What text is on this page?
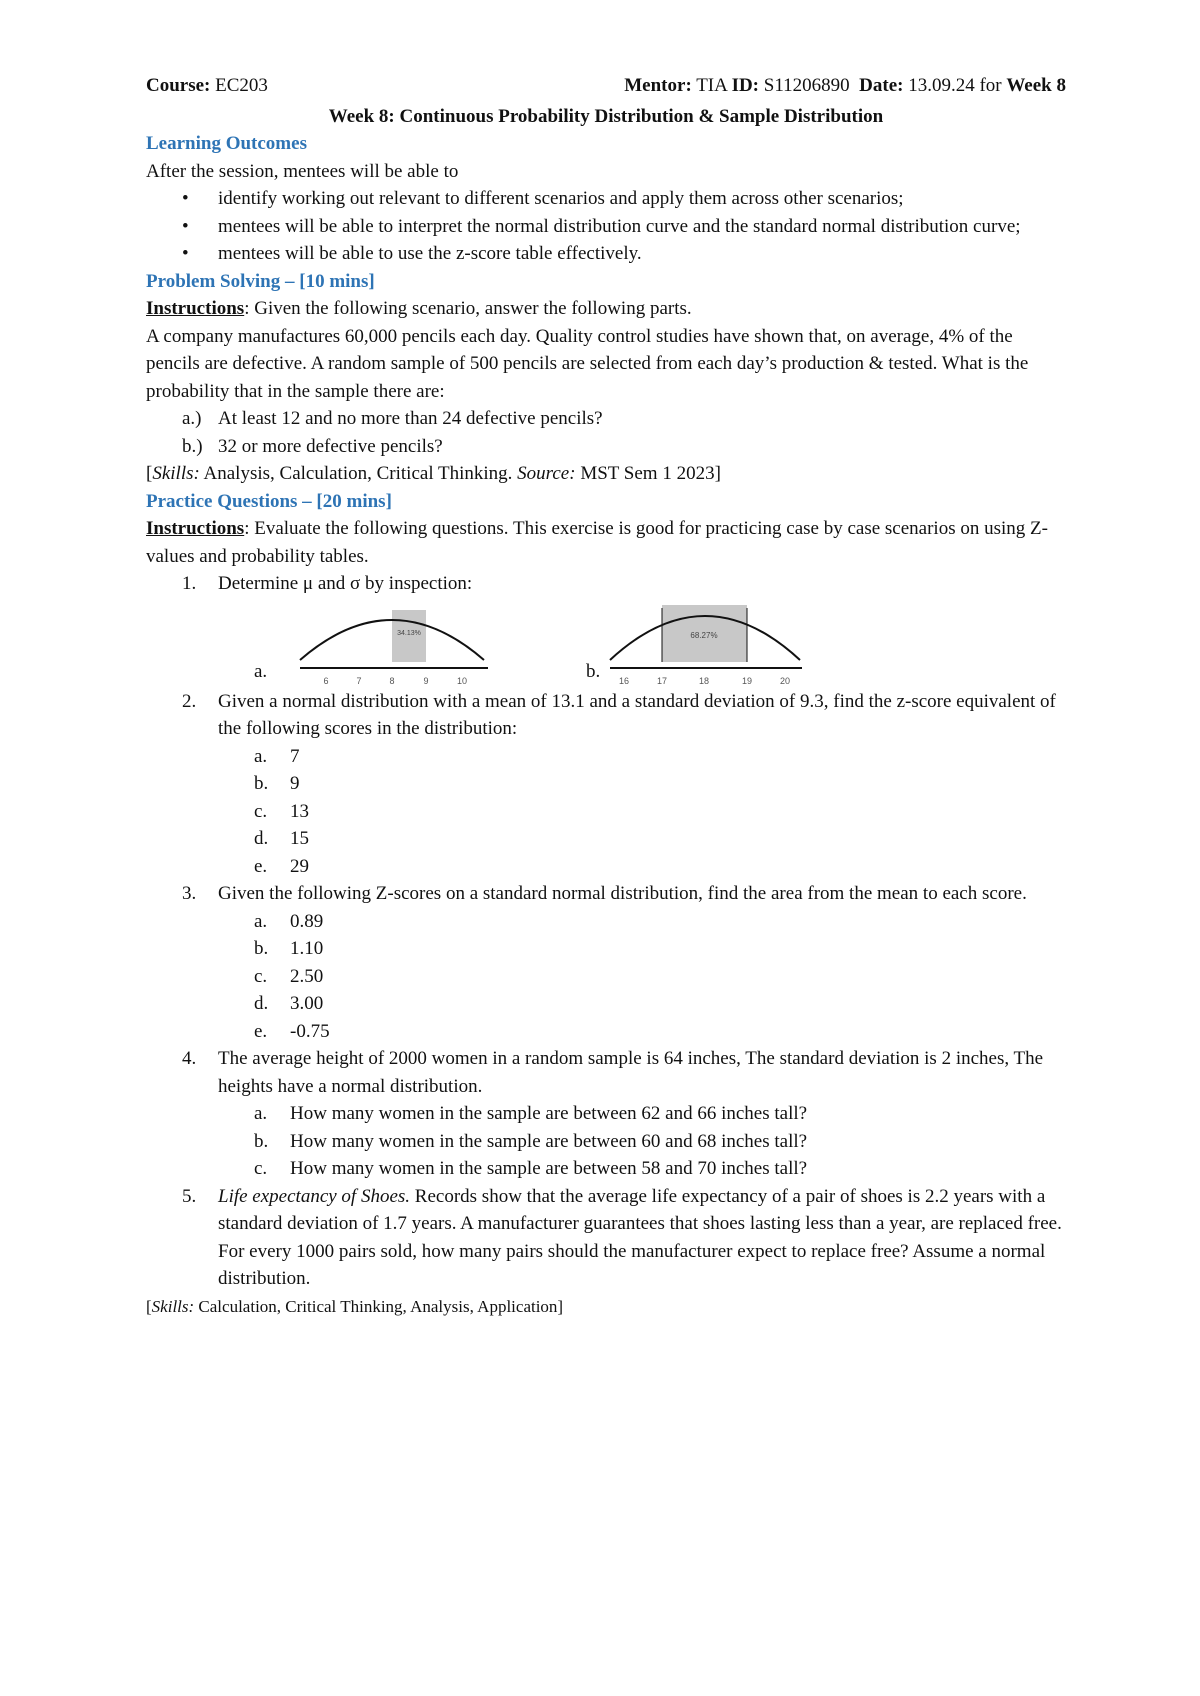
Course: EC203	Mentor: TIA ID: S11206890 Date: 13.09.24 for Week 8
Week 8: Continuous Probability Distribution & Sample Distribution
Learning Outcomes
After the session, mentees will be able to
• identify working out relevant to different scenarios and apply them across other scenarios;
• mentees will be able to interpret the normal distribution curve and the standard normal distribution curve;
• mentees will be able to use the z-score table effectively.
Problem Solving – [10 mins]
Instructions: Given the following scenario, answer the following parts.
A company manufactures 60,000 pencils each day. Quality control studies have shown that, on average, 4% of the pencils are defective. A random sample of 500 pencils are selected from each day’s production & tested. What is the probability that in the sample there are:
a.) At least 12 and no more than 24 defective pencils?
b.) 32 or more defective pencils?
[Skills: Analysis, Calculation, Critical Thinking. Source: MST Sem 1 2023]
Practice Questions – [20 mins]
Instructions: Evaluate the following questions. This exercise is good for practicing case by case scenarios on using Z-values and probability tables.
1. Determine μ and σ by inspection:
a.
34.13%
6	7	8	9	10	b.
68.27%
16	17	18	19	20
2. Given a normal distribution with a mean of 13.1 and a standard deviation of 9.3, find the z-score equivalent of the following scores in the distribution:
a. 7
b. 9
c. 13
d. 15
e. 29
3. Given the following Z-scores on a standard normal distribution, find the area from the mean to each score.
a. 0.89
b. 1.10
c. 2.50
d. 3.00
e. -0.75
4. The average height of 2000 women in a random sample is 64 inches, The standard deviation is 2 inches, The heights have a normal distribution.
a. How many women in the sample are between 62 and 66 inches tall?
b. How many women in the sample are between 60 and 68 inches tall?
c. How many women in the sample are between 58 and 70 inches tall?
5. Life expectancy of Shoes. Records show that the average life expectancy of a pair of shoes is 2.2 years with a standard deviation of 1.7 years. A manufacturer guarantees that shoes lasting less than a year, are replaced free. For every 1000 pairs sold, how many pairs should the manufacturer expect to replace free? Assume a normal distribution.
[Skills: Calculation, Critical Thinking, Analysis, Application]
